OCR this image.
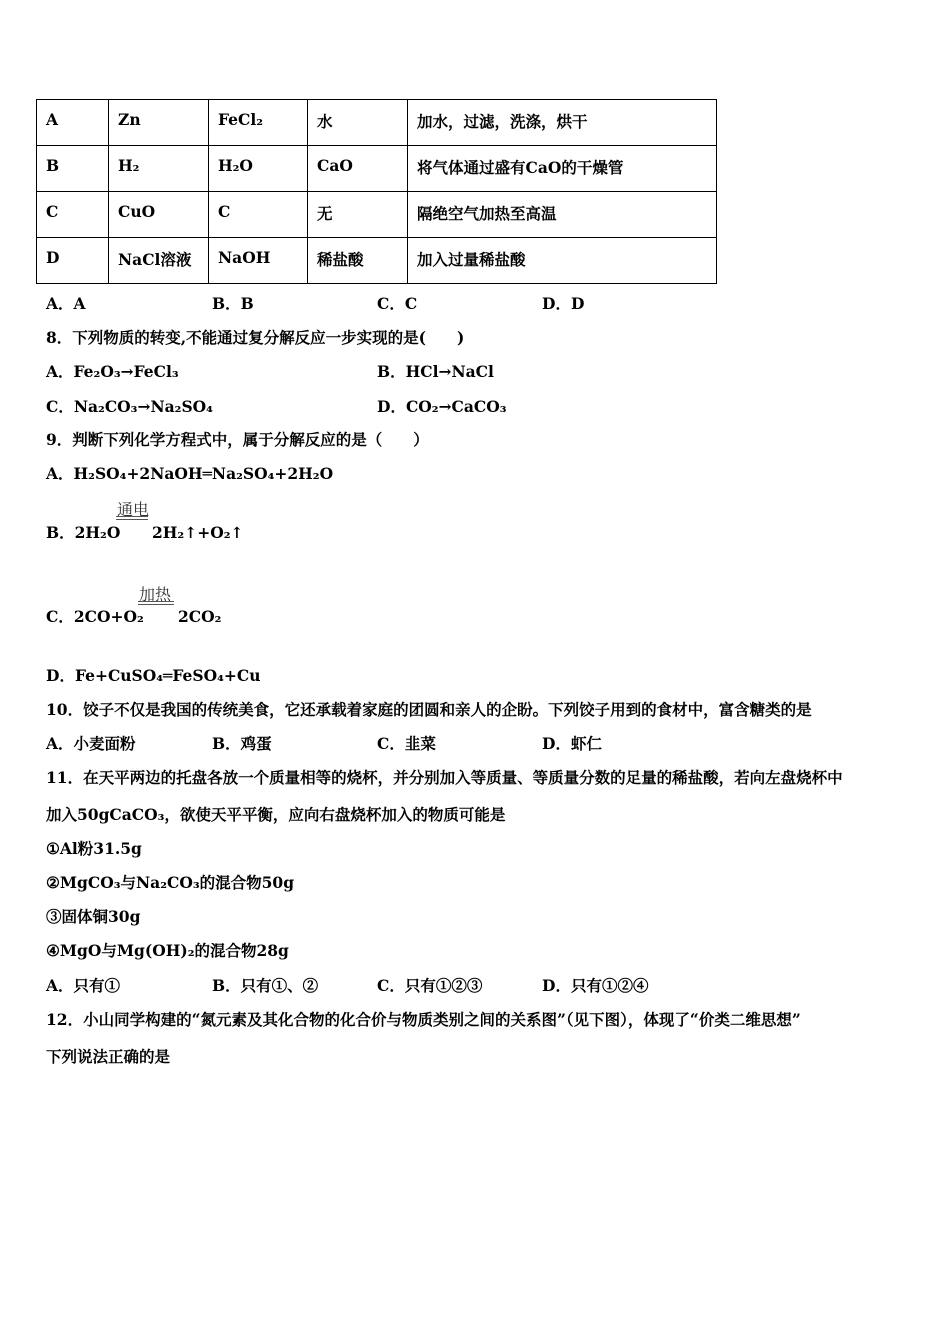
A	Zn	FeCl₂	水	加水，过滤，洗涤，烘干
B	H₂	H₂O	CaO	将气体通过盛有CaO的干燥管
C	CuO	C	无	隔绝空气加热至高温
D	NaCl溶液	NaOH	稀盐酸	加入过量稀盐酸
A．A	B．B	C．C	D．D
8．下列物质的转变,不能通过复分解反应一步实现的是(　　)
A．Fe₂O₃→FeCl₃	B．HCl→NaCl
C．Na₂CO₃→Na₂SO₄	D．CO₂→CaCO₃
9．判断下列化学方程式中，属于分解反应的是（　　）
A．H₂SO₄+2NaOH═Na₂SO₄+2H₂O
通电
B．2H₂O 2H₂↑+O₂↑
加热
C．2CO+O₂ 2CO₂
D．Fe+CuSO₄═FeSO₄+Cu
10．饺子不仅是我国的传统美食，它还承载着家庭的团圆和亲人的企盼。下列饺子用到的食材中，富含糖类的是
A．小麦面粉	B．鸡蛋	C．韭菜	D．虾仁
11．在天平两边的托盘各放一个质量相等的烧杯，并分别加入等质量、等质量分数的足量的稀盐酸，若向左盘烧杯中
加入50gCaCO₃，欲使天平平衡，应向右盘烧杯加入的物质可能是
①Al粉31.5g
②MgCO₃与Na₂CO₃的混合物50g
③固体铜30g
④MgO与Mg(OH)₂的混合物28g
A．只有①	B．只有①、②	C．只有①②③	D．只有①②④
12．小山同学构建的“氮元素及其化合物的化合价与物质类别之间的关系图”（见下图），体现了“价类二维思想”
下列说法正确的是
